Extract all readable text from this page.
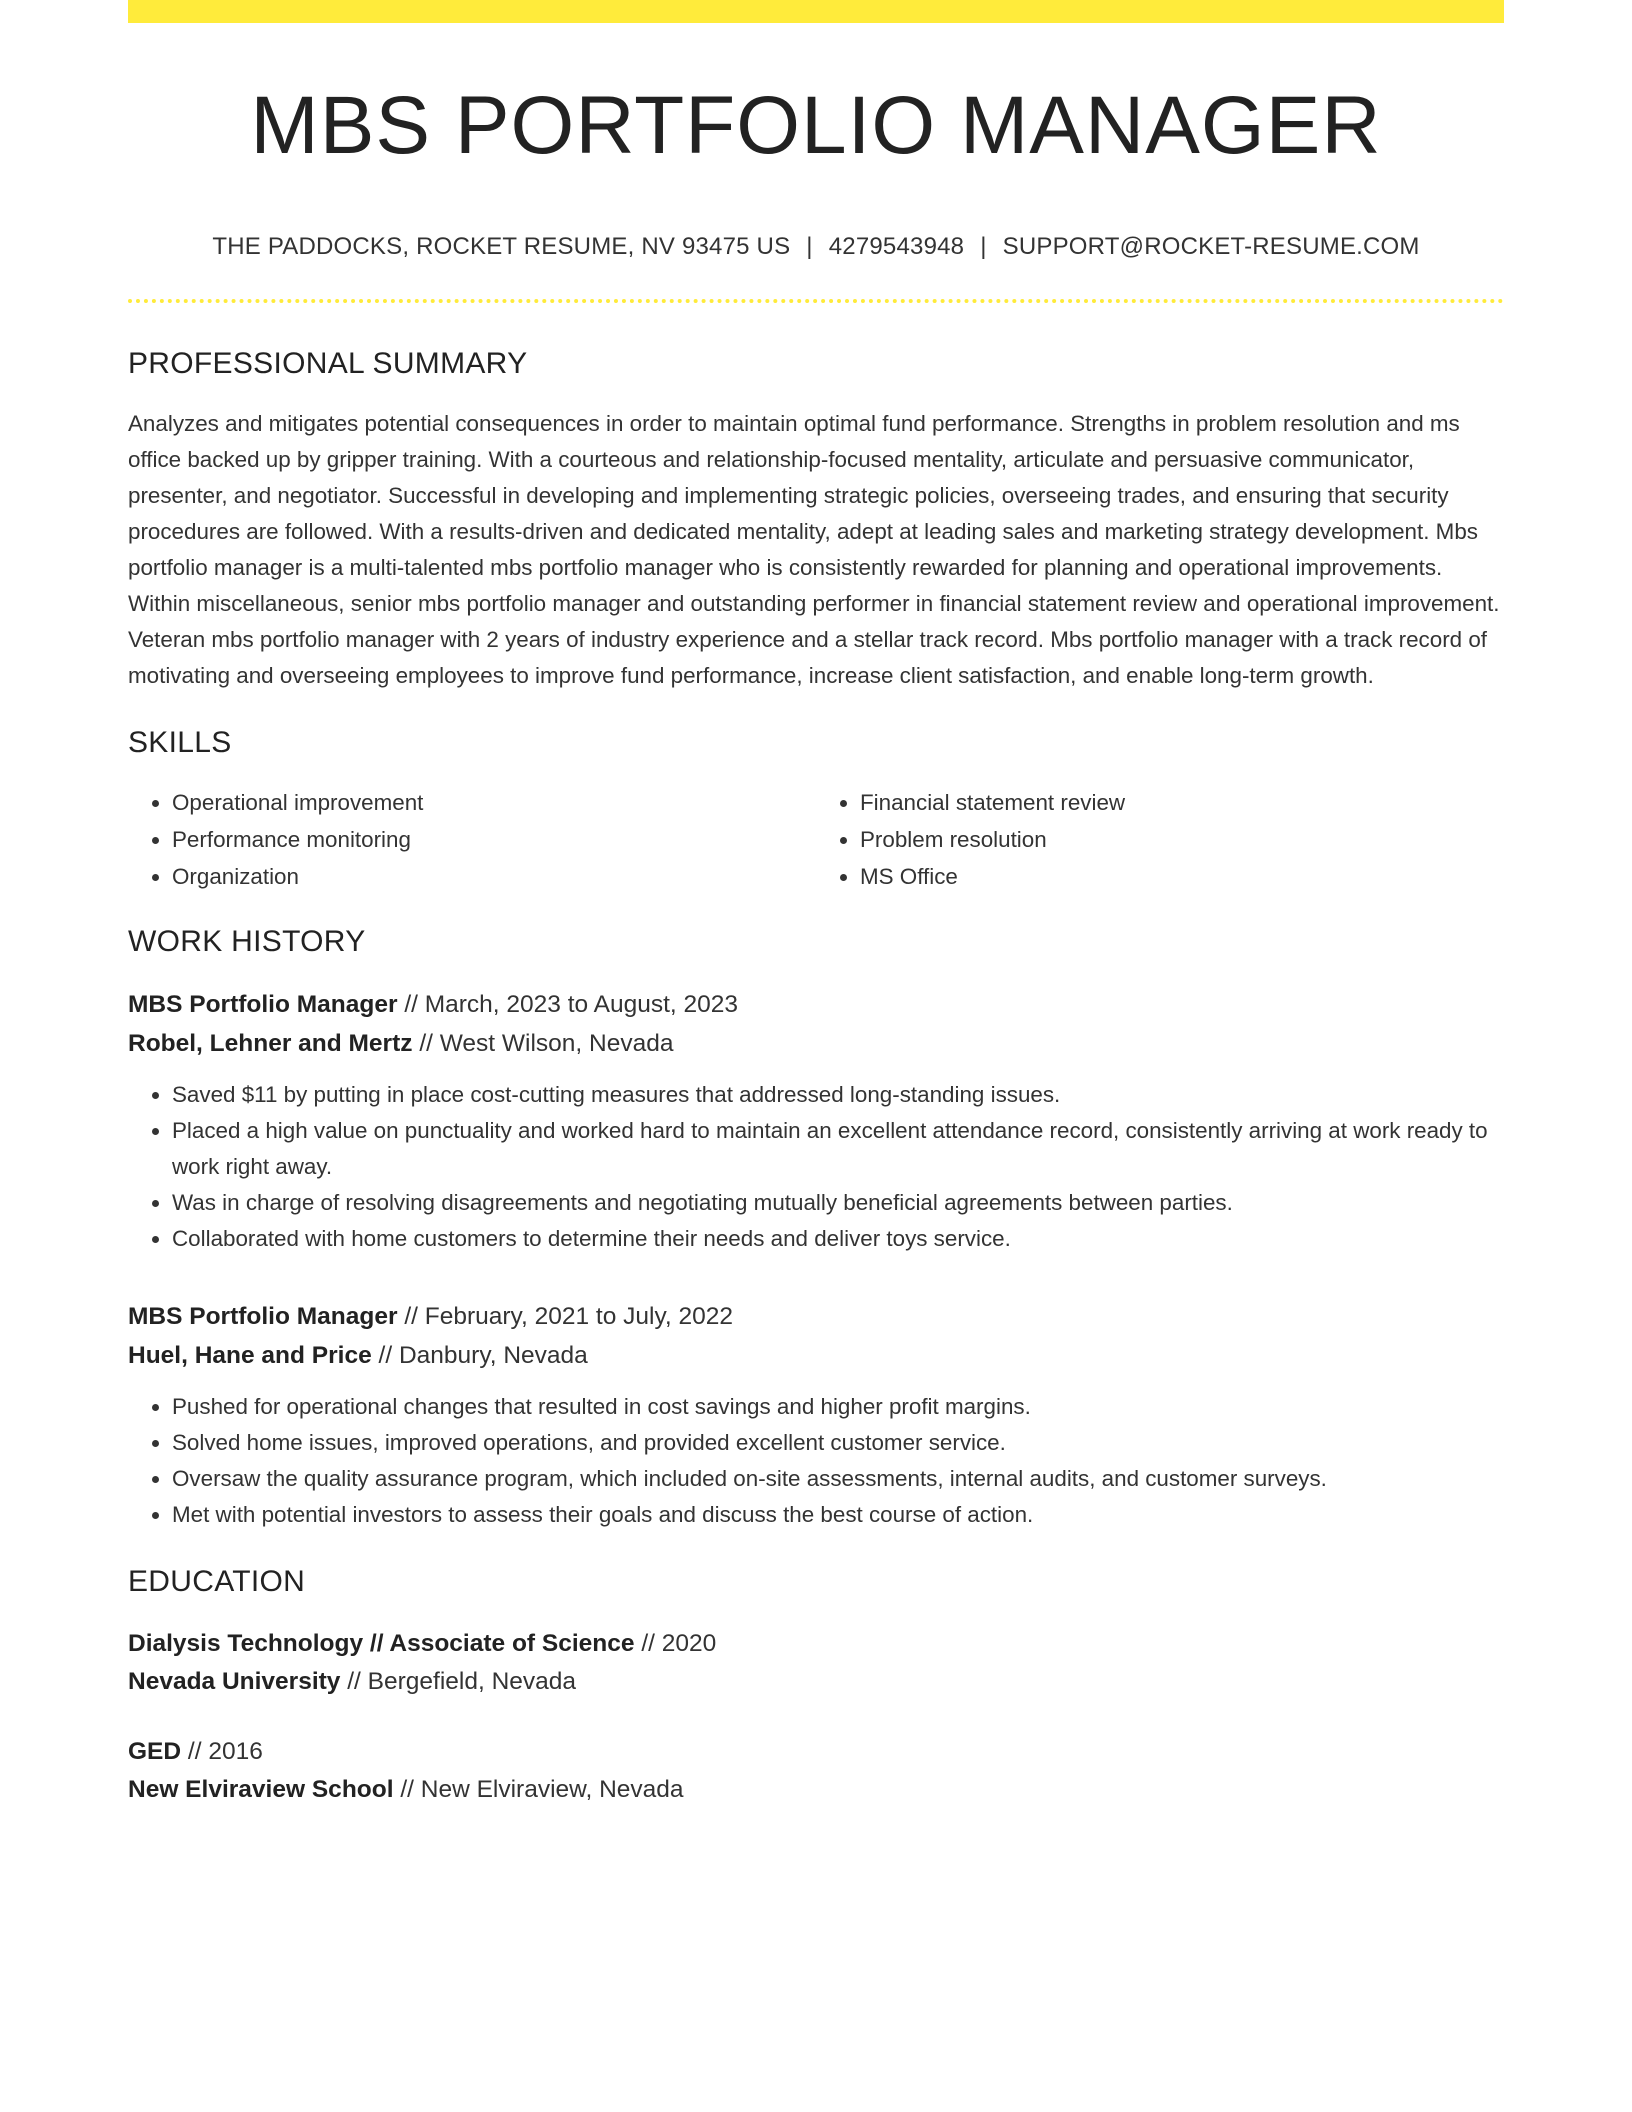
MBS PORTFOLIO MANAGER
THE PADDOCKS, ROCKET RESUME, NV 93475 US | 4279543948 | SUPPORT@ROCKET-RESUME.COM
PROFESSIONAL SUMMARY

Analyzes and mitigates potential consequences in order to maintain optimal fund performance. Strengths in problem resolution and ms office backed up by gripper training. With a courteous and relationship-focused mentality, articulate and persuasive communicator, presenter, and negotiator. Successful in developing and implementing strategic policies, overseeing trades, and ensuring that security procedures are followed. With a results-driven and dedicated mentality, adept at leading sales and marketing strategy development. Mbs portfolio manager is a multi-talented mbs portfolio manager who is consistently rewarded for planning and operational improvements. Within miscellaneous, senior mbs portfolio manager and outstanding performer in financial statement review and operational improvement. Veteran mbs portfolio manager with 2 years of industry experience and a stellar track record. Mbs portfolio manager with a track record of motivating and overseeing employees to improve fund performance, increase client satisfaction, and enable long-term growth.

SKILLS
• Operational improvement
• Performance monitoring
• Organization
• Financial statement review
• Problem resolution
• MS Office
WORK HISTORY
MBS Portfolio Manager // March, 2023 to August, 2023
Robel, Lehner and Mertz // West Wilson, Nevada
• Saved $11 by putting in place cost-cutting measures that addressed long-standing issues.
• Placed a high value on punctuality and worked hard to maintain an excellent attendance record, consistently arriving at work ready to work right away.
• Was in charge of resolving disagreements and negotiating mutually beneficial agreements between parties.
• Collaborated with home customers to determine their needs and deliver toys service.
MBS Portfolio Manager // February, 2021 to July, 2022
Huel, Hane and Price // Danbury, Nevada
• Pushed for operational changes that resulted in cost savings and higher profit margins.
• Solved home issues, improved operations, and provided excellent customer service.
• Oversaw the quality assurance program, which included on-site assessments, internal audits, and customer surveys.
• Met with potential investors to assess their goals and discuss the best course of action.
EDUCATION
Dialysis Technology // Associate of Science // 2020
Nevada University // Bergefield, Nevada
GED // 2016
New Elviraview School // New Elviraview, Nevada
